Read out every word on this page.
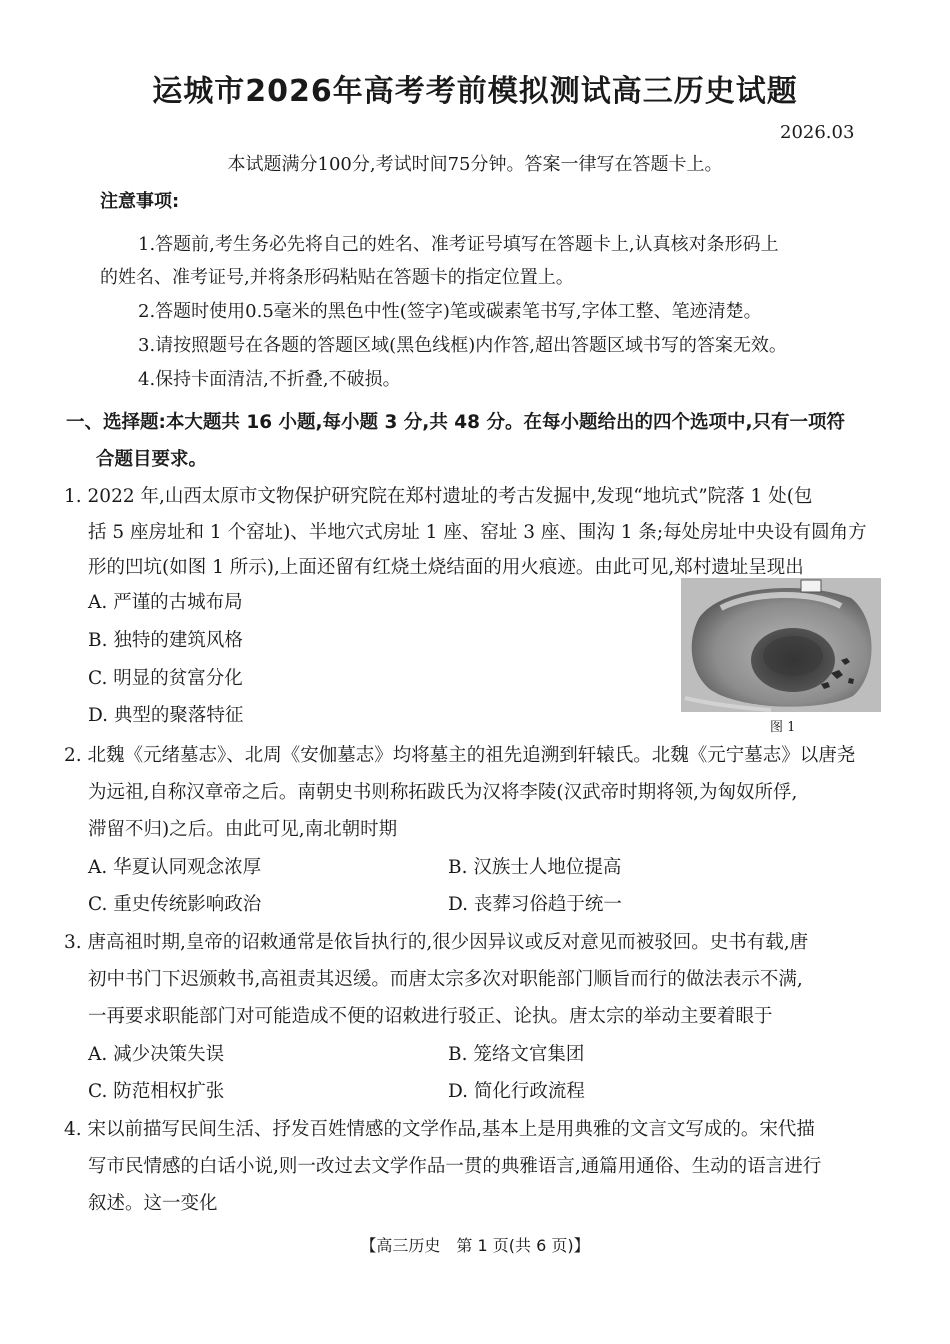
运城市2026年高考考前模拟测试高三历史试题
2026.03
本试题满分100分,考试时间75分钟。答案一律写在答题卡上。
注意事项:
1.答题前,考生务必先将自己的姓名、准考证号填写在答题卡上,认真核对条形码上
的姓名、准考证号,并将条形码粘贴在答题卡的指定位置上。
2.答题时使用0.5毫米的黑色中性(签字)笔或碳素笔书写,字体工整、笔迹清楚。
3.请按照题号在各题的答题区域(黑色线框)内作答,超出答题区域书写的答案无效。
4.保持卡面清洁,不折叠,不破损。
一、选择题:本大题共 16 小题,每小题 3 分,共 48 分。在每小题给出的四个选项中,只有一项符
合题目要求。
1. 2022 年,山西太原市文物保护研究院在郑村遗址的考古发掘中,发现“地坑式”院落 1 处(包
括 5 座房址和 1 个窑址)、半地穴式房址 1 座、窑址 3 座、围沟 1 条;每处房址中央设有圆角方
形的凹坑(如图 1 所示),上面还留有红烧土烧结面的用火痕迹。由此可见,郑村遗址呈现出
A. 严谨的古城布局
B. 独特的建筑风格
C. 明显的贫富分化
D. 典型的聚落特征
图 1
2. 北魏《元绪墓志》、北周《安伽墓志》均将墓主的祖先追溯到轩辕氏。北魏《元宁墓志》以唐尧
为远祖,自称汉章帝之后。南朝史书则称拓跋氏为汉将李陵(汉武帝时期将领,为匈奴所俘,
滞留不归)之后。由此可见,南北朝时期
A. 华夏认同观念浓厚	B. 汉族士人地位提高
C. 重史传统影响政治	D. 丧葬习俗趋于统一
3. 唐高祖时期,皇帝的诏敕通常是依旨执行的,很少因异议或反对意见而被驳回。史书有载,唐
初中书门下迟颁敕书,高祖责其迟缓。而唐太宗多次对职能部门顺旨而行的做法表示不满,
一再要求职能部门对可能造成不便的诏敕进行驳正、论执。唐太宗的举动主要着眼于
A. 减少决策失误	B. 笼络文官集团
C. 防范相权扩张	D. 简化行政流程
4. 宋以前描写民间生活、抒发百姓情感的文学作品,基本上是用典雅的文言文写成的。宋代描
写市民情感的白话小说,则一改过去文学作品一贯的典雅语言,通篇用通俗、生动的语言进行
叙述。这一变化
【高三历史　第 1 页(共 6 页)】
